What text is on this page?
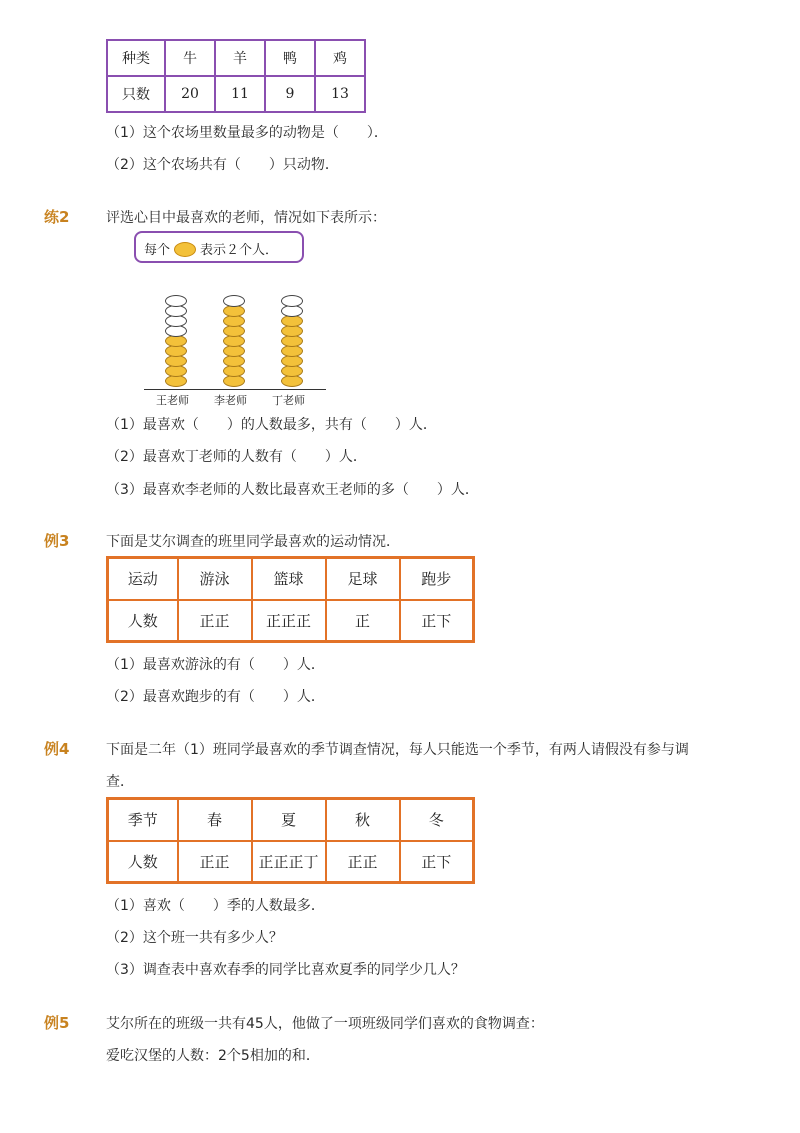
种类	牛	羊	鸭	鸡
只数	20	11	9	13
（1）这个农场里数量最多的动物是（　　）．
（2）这个农场共有（　　）只动物．
练2	评选心目中最喜欢的老师，情况如下表所示：
每个 表示２个人．
王老师 李老师 丁老师
（1）最喜欢（　　）的人数最多，共有（　　）人．
（2）最喜欢丁老师的人数有（　　）人．
（3）最喜欢李老师的人数比最喜欢王老师的多（　　）人．
例3	下面是艾尔调查的班里同学最喜欢的运动情况．
运动	游泳	篮球	足球	跑步
人数	正正	正正正	正	正下
（1）最喜欢游泳的有（　　）人．
（2）最喜欢跑步的有（　　）人．
例4	下面是二年（1）班同学最喜欢的季节调查情况，每人只能选一个季节，有两人请假没有参与调
查．
季节	春	夏	秋	冬
人数	正正	正正正丁	正正	正下
（1）喜欢（　　）季的人数最多．
（2）这个班一共有多少人？
（3）调查表中喜欢春季的同学比喜欢夏季的同学少几人？
例5	艾尔所在的班级一共有45人，他做了一项班级同学们喜欢的食物调查：
爱吃汉堡的人数：2个5相加的和．
